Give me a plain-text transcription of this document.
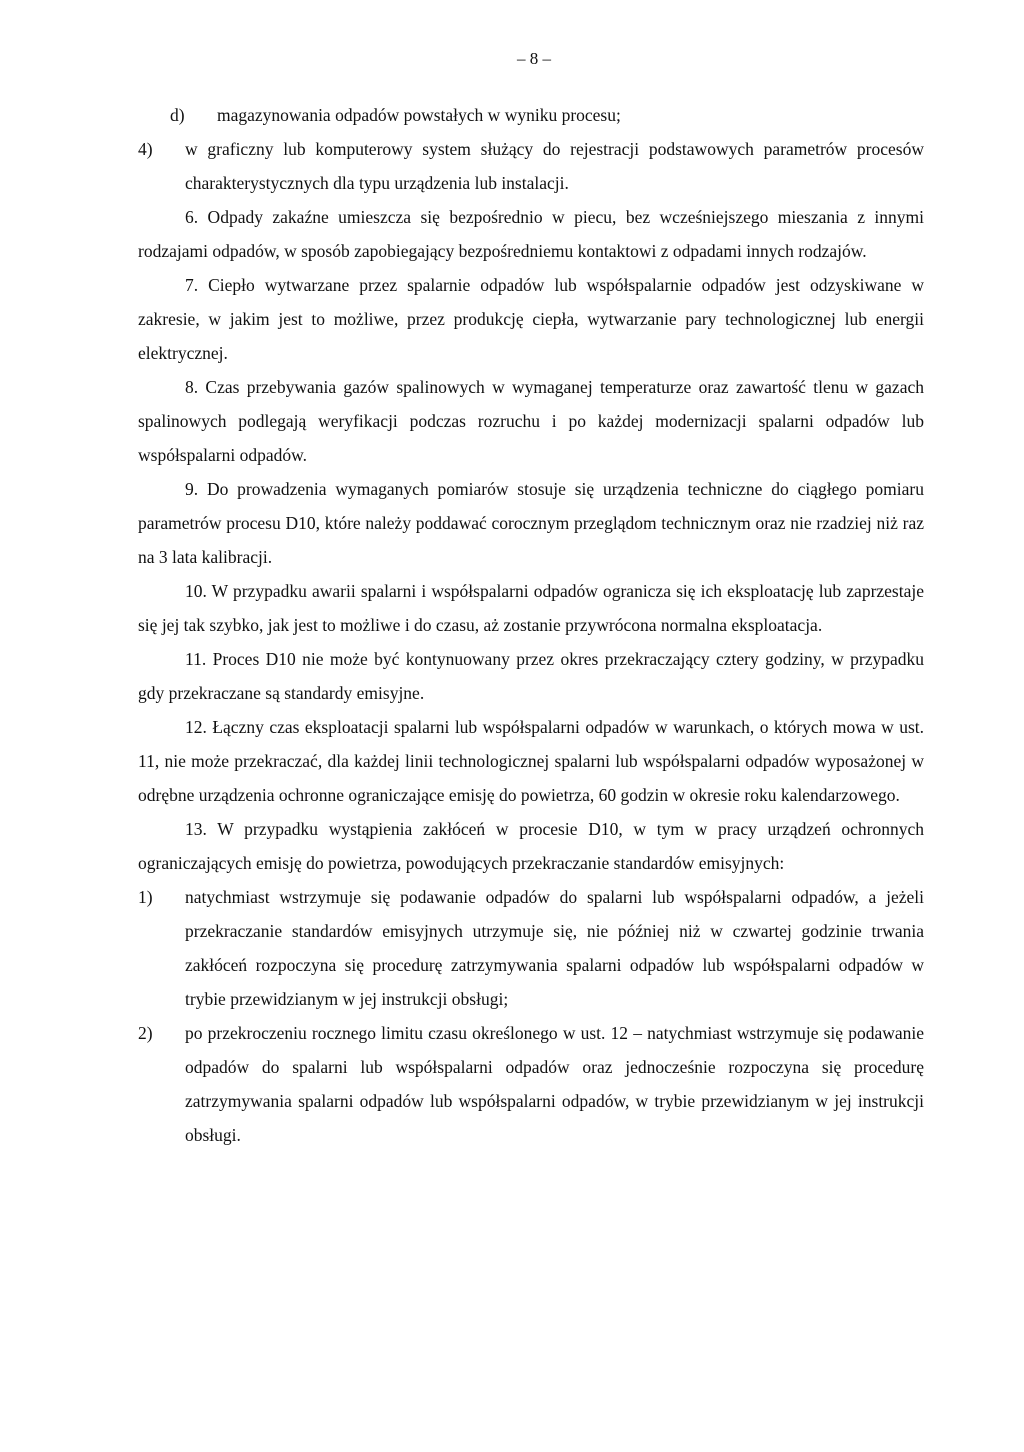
– 8 –
d)	magazynowania odpadów powstałych w wyniku procesu;
4)	w graficzny lub komputerowy system służący do rejestracji podstawowych parametrów procesów charakterystycznych dla typu urządzenia lub instalacji.

6. Odpady zakaźne umieszcza się bezpośrednio w piecu, bez wcześniejszego mieszania z innymi rodzajami odpadów, w sposób zapobiegający bezpośredniemu kontaktowi z odpadami innych rodzajów.

7. Ciepło wytwarzane przez spalarnie odpadów lub współspalarnie odpadów jest odzyskiwane w zakresie, w jakim jest to możliwe, przez produkcję ciepła, wytwarzanie pary technologicznej lub energii elektrycznej.

8. Czas przebywania gazów spalinowych w wymaganej temperaturze oraz zawartość tlenu w gazach spalinowych podlegają weryfikacji podczas rozruchu i po każdej modernizacji spalarni odpadów lub współspalarni odpadów.

9. Do prowadzenia wymaganych pomiarów stosuje się urządzenia techniczne do ciągłego pomiaru parametrów procesu D10, które należy poddawać corocznym przeglądom technicznym oraz nie rzadziej niż raz na 3 lata kalibracji.

10. W przypadku awarii spalarni i współspalarni odpadów ogranicza się ich eksploatację lub zaprzestaje się jej tak szybko, jak jest to możliwe i do czasu, aż zostanie przywrócona normalna eksploatacja.

11. Proces D10 nie może być kontynuowany przez okres przekraczający cztery godziny, w przypadku gdy przekraczane są standardy emisyjne.

12. Łączny czas eksploatacji spalarni lub współspalarni odpadów w warunkach, o których mowa w ust. 11, nie może przekraczać, dla każdej linii technologicznej spalarni lub współspalarni odpadów wyposażonej w odrębne urządzenia ochronne ograniczające emisję do powietrza, 60 godzin w okresie roku kalendarzowego.

13. W przypadku wystąpienia zakłóceń w procesie D10, w tym w pracy urządzeń ochronnych ograniczających emisję do powietrza, powodujących przekraczanie standardów emisyjnych:

1)	natychmiast wstrzymuje się podawanie odpadów do spalarni lub współspalarni odpadów, a jeżeli przekraczanie standardów emisyjnych utrzymuje się, nie później niż w czwartej godzinie trwania zakłóceń rozpoczyna się procedurę zatrzymywania spalarni odpadów lub współspalarni odpadów w trybie przewidzianym w jej instrukcji obsługi;
2)	po przekroczeniu rocznego limitu czasu określonego w ust. 12 – natychmiast wstrzymuje się podawanie odpadów do spalarni lub współspalarni odpadów oraz jednocześnie rozpoczyna się procedurę zatrzymywania spalarni odpadów lub współspalarni odpadów, w trybie przewidzianym w jej instrukcji obsługi.
